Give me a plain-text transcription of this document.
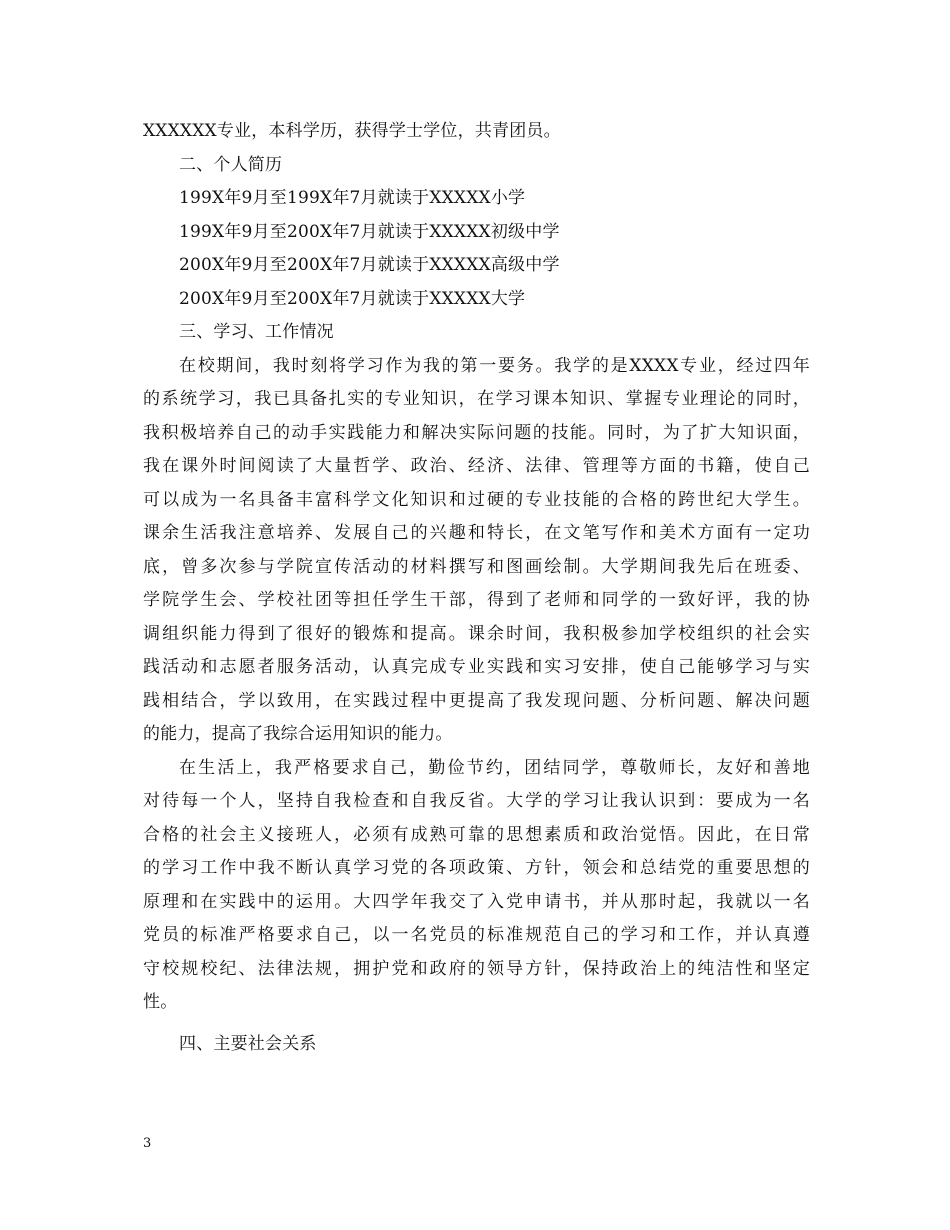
XXXXXX专业，本科学历，获得学士学位，共青团员。
二、个人简历
199X年9月至199X年7月就读于XXXXX小学
199X年9月至200X年7月就读于XXXXX初级中学
200X年9月至200X年7月就读于XXXXX高级中学
200X年9月至200X年7月就读于XXXXX大学
三、学习、工作情况
在校期间，我时刻将学习作为我的第一要务。我学的是XXXX专业，经过四年
的系统学习，我已具备扎实的专业知识，在学习课本知识、掌握专业理论的同时，
我积极培养自己的动手实践能力和解决实际问题的技能。同时，为了扩大知识面，
我在课外时间阅读了大量哲学、政治、经济、法律、管理等方面的书籍，使自己
可以成为一名具备丰富科学文化知识和过硬的专业技能的合格的跨世纪大学生。
课余生活我注意培养、发展自己的兴趣和特长，在文笔写作和美术方面有一定功
底，曾多次参与学院宣传活动的材料撰写和图画绘制。大学期间我先后在班委、
学院学生会、学校社团等担任学生干部，得到了老师和同学的一致好评，我的协
调组织能力得到了很好的锻炼和提高。课余时间，我积极参加学校组织的社会实
践活动和志愿者服务活动，认真完成专业实践和实习安排，使自己能够学习与实
践相结合，学以致用，在实践过程中更提高了我发现问题、分析问题、解决问题
的能力，提高了我综合运用知识的能力。
在生活上，我严格要求自己，勤俭节约，团结同学，尊敬师长，友好和善地
对待每一个人，坚持自我检查和自我反省。大学的学习让我认识到：要成为一名
合格的社会主义接班人，必须有成熟可靠的思想素质和政治觉悟。因此，在日常
的学习工作中我不断认真学习党的各项政策、方针，领会和总结党的重要思想的
原理和在实践中的运用。大四学年我交了入党申请书，并从那时起，我就以一名
党员的标准严格要求自己，以一名党员的标准规范自己的学习和工作，并认真遵
守校规校纪、法律法规，拥护党和政府的领导方针，保持政治上的纯洁性和坚定
性。
四、主要社会关系
3
